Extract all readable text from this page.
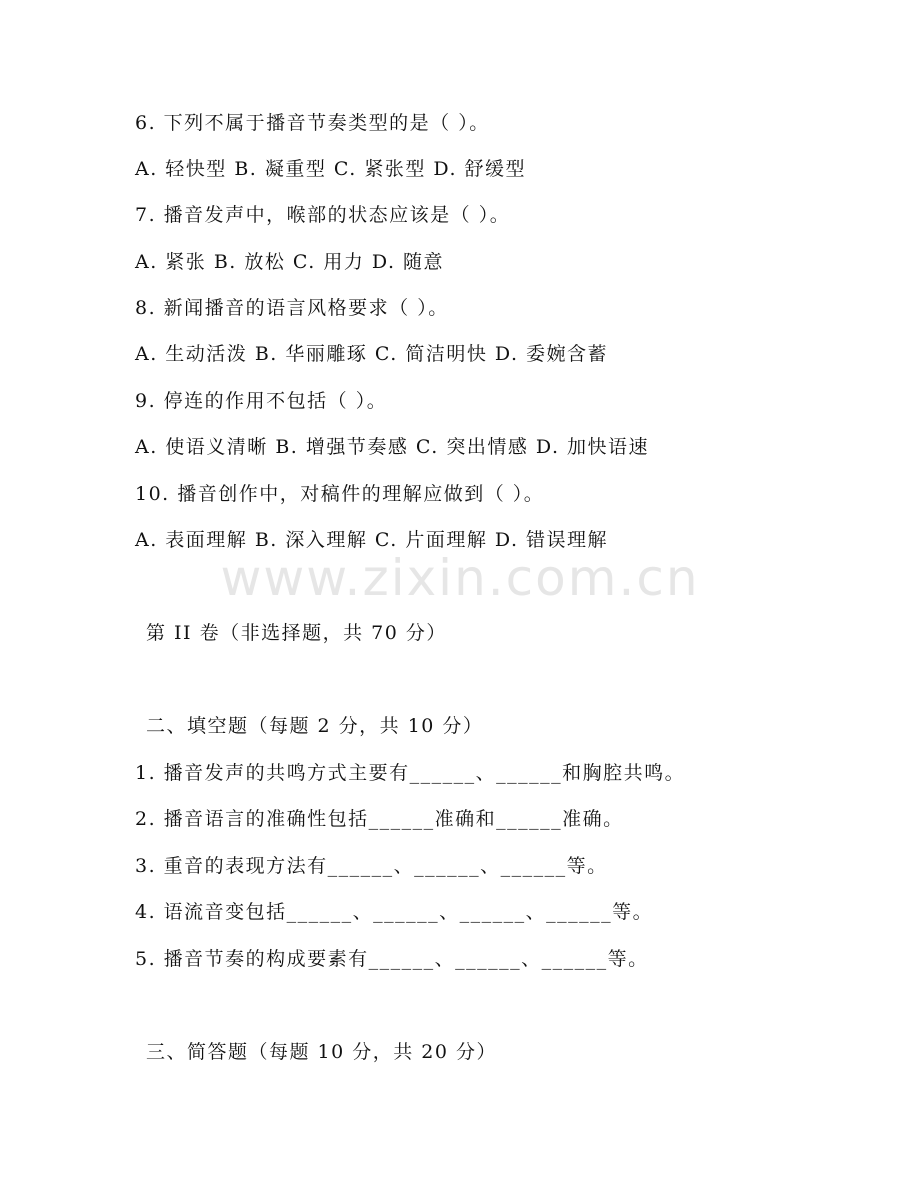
6. 下列不属于播音节奏类型的是（ ）。
A. 轻快型 B. 凝重型 C. 紧张型 D. 舒缓型
7. 播音发声中，喉部的状态应该是（ ）。
A. 紧张 B. 放松 C. 用力 D. 随意
8. 新闻播音的语言风格要求（ ）。
A. 生动活泼 B. 华丽雕琢 C. 简洁明快 D. 委婉含蓄
9. 停连的作用不包括（ ）。
A. 使语义清晰 B. 增强节奏感 C. 突出情感 D. 加快语速
10. 播音创作中，对稿件的理解应做到（ ）。
A. 表面理解 B. 深入理解 C. 片面理解 D. 错误理解
www.zixin.com.cn
第 II 卷（非选择题，共 70 分）
二、填空题（每题 2 分，共 10 分）
1. 播音发声的共鸣方式主要有______、______和胸腔共鸣。
2. 播音语言的准确性包括______准确和______准确。
3. 重音的表现方法有______、______、______等。
4. 语流音变包括______、______、______、______等。
5. 播音节奏的构成要素有______、______、______等。
三、简答题（每题 10 分，共 20 分）
